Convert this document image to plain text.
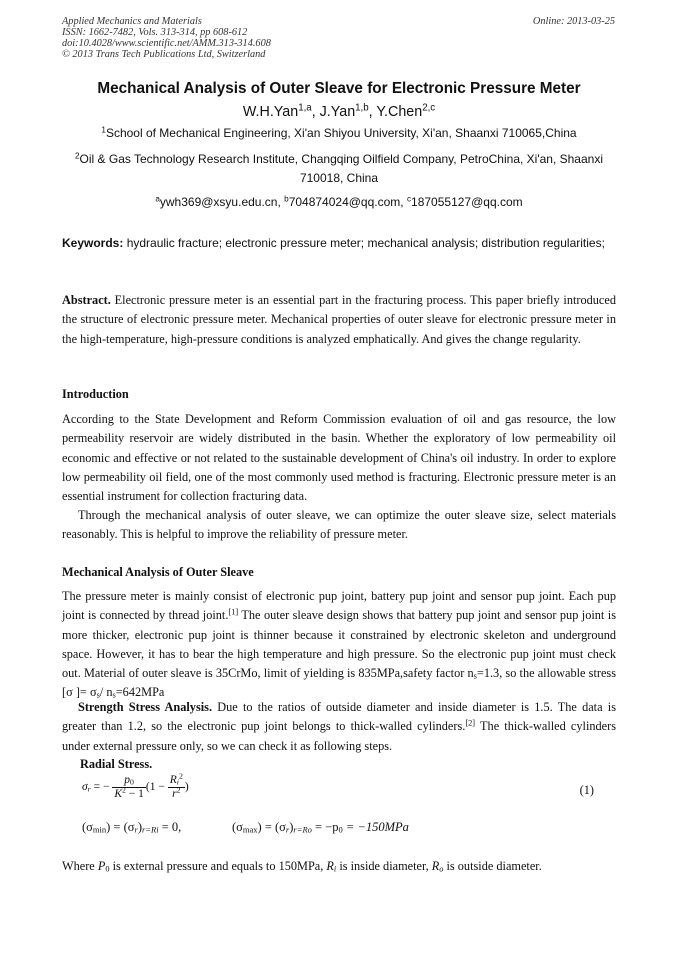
Applied Mechanics and Materials
ISSN: 1662-7482, Vols. 313-314, pp 608-612
doi:10.4028/www.scientific.net/AMM.313-314.608
© 2013 Trans Tech Publications Ltd, Switzerland
Online: 2013-03-25
Mechanical Analysis of Outer Sleave for Electronic Pressure Meter
W.H.Yan$^{1,a}$, J.Yan$^{1,b}$, Y.Chen$^{2,c}$
$^1$School of Mechanical Engineering, Xi'an Shiyou University, Xi'an, Shaanxi 710065,China
$^2$Oil & Gas Technology Research Institute, Changqing Oilfield Company, PetroChina, Xi'an, Shaanxi 710018, China
$^a$ywh369@xsyu.edu.cn, $^b$704874024@qq.com, $^c$187055127@qq.com
Keywords: hydraulic fracture; electronic pressure meter; mechanical analysis; distribution regularities;
Abstract. Electronic pressure meter is an essential part in the fracturing process. This paper briefly introduced the structure of electronic pressure meter. Mechanical properties of outer sleave for electronic pressure meter in the high-temperature, high-pressure conditions is analyzed emphatically. And gives the change regularity.
Introduction
According to the State Development and Reform Commission evaluation of oil and gas resource, the low permeability reservoir are widely distributed in the basin. Whether the exploratory of low permeability oil economic and effective or not related to the sustainable development of China's oil industry. In order to explore low permeability oil field, one of the most commonly used method is fracturing. Electronic pressure meter is an essential instrument for collection fracturing data.
Through the mechanical analysis of outer sleave, we can optimize the outer sleave size, select materials reasonably. This is helpful to improve the reliability of pressure meter.
Mechanical Analysis of Outer Sleave
The pressure meter is mainly consist of electronic pup joint, battery pup joint and sensor pup joint. Each pup joint is connected by thread joint.[1] The outer sleave design shows that battery pup joint and sensor pup joint is more thicker, electronic pup joint is thinner because it constrained by electronic skeleton and underground space. However, it has to bear the high temperature and high pressure. So the electronic pup joint must check out. Material of outer sleave is 35CrMo, limit of yielding is 835MPa,safety factor $n_s=1.3$, so the allowable stress [σ ]= $\sigma_s/$ $n_s=642MPa$
Strength Stress Analysis. Due to the ratios of outside diameter and inside diameter is 1.5. The data is greater than 1.2, so the electronic pup joint belongs to thick-walled cylinders.[2] The thick-walled cylinders under external pressure only, so we can check it as following steps.
Radial Stress.
$\sigma_r$ = − $\frac{p_0}{K^2 - 1} (1 - \frac{R_i^2}{r^2}$ )	(1)
$(\sigma_{min}) = (\sigma_r)_{r=Ri} = 0$,	$(\sigma_{max}) = (\sigma_r)_{r=Ro} = -p_0 = -150MPa$
Where $P_0$ is external pressure and equals to 150MPa, $R_i$ is inside diameter, $R_o$ is outside diameter.
